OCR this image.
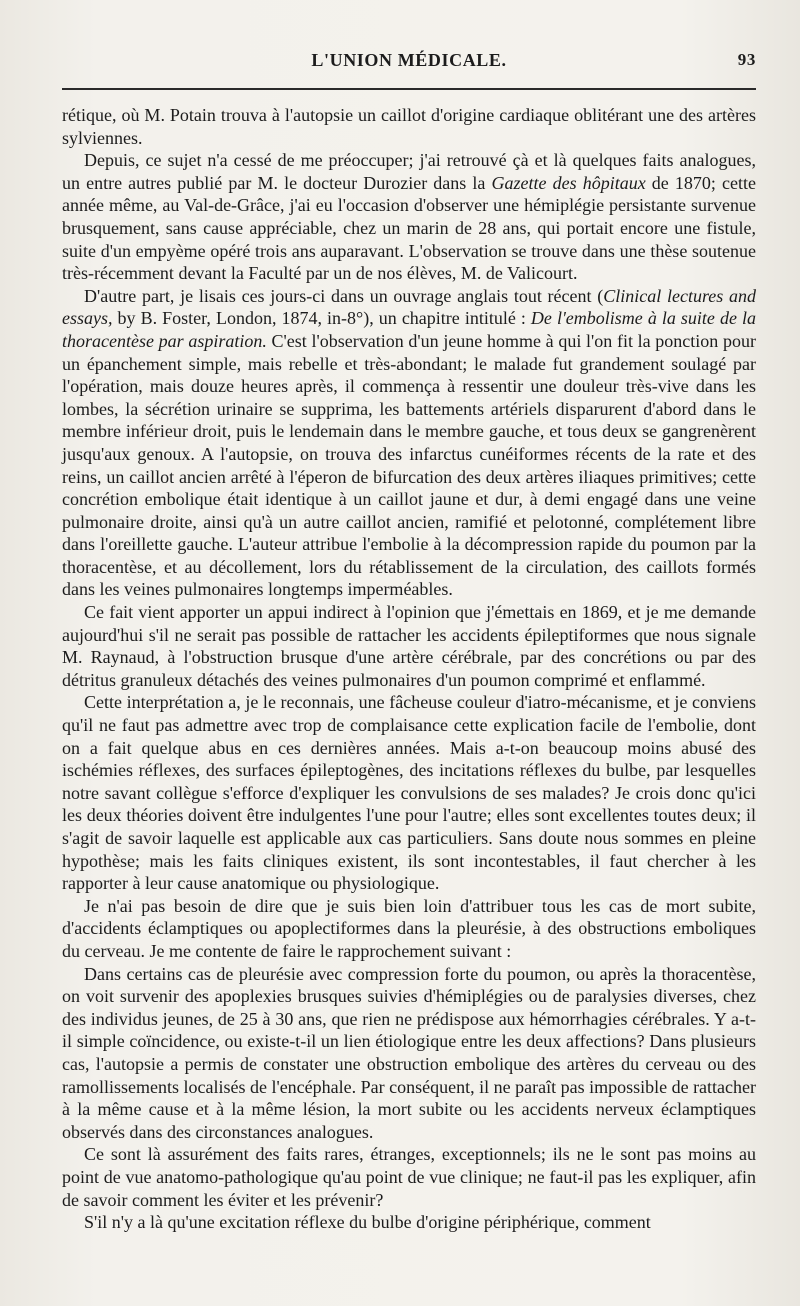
L'UNION MÉDICALE.	93

rétique, où M. Potain trouva à l'autopsie un caillot d'origine cardiaque oblitérant une des artères sylviennes.

Depuis, ce sujet n'a cessé de me préoccuper; j'ai retrouvé çà et là quelques faits analogues, un entre autres publié par M. le docteur Durozier dans la Gazette des hôpitaux de 1870; cette année même, au Val-de-Grâce, j'ai eu l'occasion d'observer une hémiplégie persistante survenue brusquement, sans cause appréciable, chez un marin de 28 ans, qui portait encore une fistule, suite d'un empyème opéré trois ans auparavant. L'observation se trouve dans une thèse soutenue très-récemment devant la Faculté par un de nos élèves, M. de Valicourt.

D'autre part, je lisais ces jours-ci dans un ouvrage anglais tout récent (Clinical lectures and essays, by B. Foster, London, 1874, in-8°), un chapitre intitulé : De l'embolisme à la suite de la thoracentèse par aspiration. C'est l'observation d'un jeune homme à qui l'on fit la ponction pour un épanchement simple, mais rebelle et très-abondant; le malade fut grandement soulagé par l'opération, mais douze heures après, il commença à ressentir une douleur très-vive dans les lombes, la sécrétion urinaire se supprima, les battements artériels disparurent d'abord dans le membre inférieur droit, puis le lendemain dans le membre gauche, et tous deux se gangrenèrent jusqu'aux genoux. A l'autopsie, on trouva des infarctus cunéiformes récents de la rate et des reins, un caillot ancien arrêté à l'éperon de bifurcation des deux artères iliaques primitives; cette concrétion embolique était identique à un caillot jaune et dur, à demi engagé dans une veine pulmonaire droite, ainsi qu'à un autre caillot ancien, ramifié et pelotonné, complétement libre dans l'oreillette gauche. L'auteur attribue l'embolie à la décompression rapide du poumon par la thoracentèse, et au décollement, lors du rétablissement de la circulation, des caillots formés dans les veines pulmonaires longtemps imperméables.

Ce fait vient apporter un appui indirect à l'opinion que j'émettais en 1869, et je me demande aujourd'hui s'il ne serait pas possible de rattacher les accidents épileptiformes que nous signale M. Raynaud, à l'obstruction brusque d'une artère cérébrale, par des concrétions ou par des détritus granuleux détachés des veines pulmonaires d'un poumon comprimé et enflammé.

Cette interprétation a, je le reconnais, une fâcheuse couleur d'iatro-mécanisme, et je conviens qu'il ne faut pas admettre avec trop de complaisance cette explication facile de l'embolie, dont on a fait quelque abus en ces dernières années. Mais a-t-on beaucoup moins abusé des ischémies réflexes, des surfaces épileptogènes, des incitations réflexes du bulbe, par lesquelles notre savant collègue s'efforce d'expliquer les convulsions de ses malades? Je crois donc qu'ici les deux théories doivent être indulgentes l'une pour l'autre; elles sont excellentes toutes deux; il s'agit de savoir laquelle est applicable aux cas particuliers. Sans doute nous sommes en pleine hypothèse; mais les faits cliniques existent, ils sont incontestables, il faut chercher à les rapporter à leur cause anatomique ou physiologique.

Je n'ai pas besoin de dire que je suis bien loin d'attribuer tous les cas de mort subite, d'accidents éclamptiques ou apoplectiformes dans la pleurésie, à des obstructions emboliques du cerveau. Je me contente de faire le rapprochement suivant :

Dans certains cas de pleurésie avec compression forte du poumon, ou après la thoracentèse, on voit survenir des apoplexies brusques suivies d'hémiplégies ou de paralysies diverses, chez des individus jeunes, de 25 à 30 ans, que rien ne prédispose aux hémorrhagies cérébrales. Y a-t-il simple coïncidence, ou existe-t-il un lien étiologique entre les deux affections? Dans plusieurs cas, l'autopsie a permis de constater une obstruction embolique des artères du cerveau ou des ramollissements localisés de l'encéphale. Par conséquent, il ne paraît pas impossible de rattacher à la même cause et à la même lésion, la mort subite ou les accidents nerveux éclamptiques observés dans des circonstances analogues.

Ce sont là assurément des faits rares, étranges, exceptionnels; ils ne le sont pas moins au point de vue anatomo-pathologique qu'au point de vue clinique; ne faut-il pas les expliquer, afin de savoir comment les éviter et les prévenir?

S'il n'y a là qu'une excitation réflexe du bulbe d'origine périphérique, comment
